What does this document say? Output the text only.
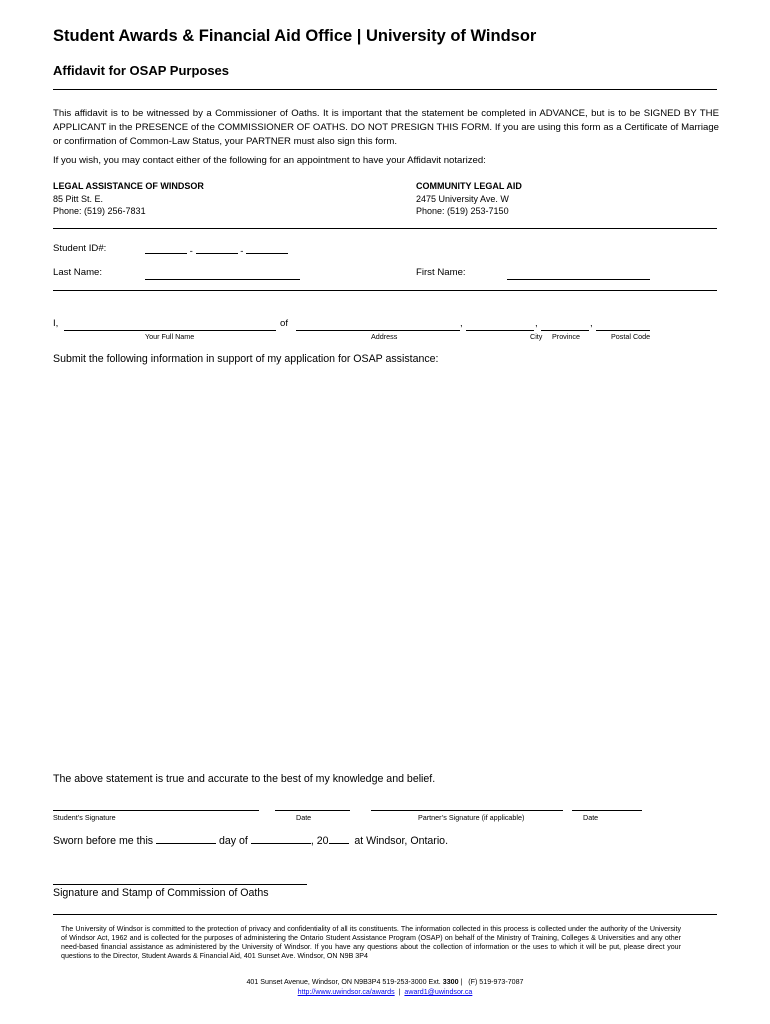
Student Awards & Financial Aid Office | University of Windsor
Affidavit for OSAP Purposes
This affidavit is to be witnessed by a Commissioner of Oaths. It is important that the statement be completed in ADVANCE, but is to be SIGNED BY THE APPLICANT in the PRESENCE of the COMMISSIONER OF OATHS. DO NOT PRESIGN THIS FORM. If you are using this form as a Certificate of Marriage or confirmation of Common-Law Status, your PARTNER must also sign this form.
If you wish, you may contact either of the following for an appointment to have your Affidavit notarized:
LEGAL ASSISTANCE OF WINDSOR
85 Pitt St. E.
Phone: (519) 256-7831
COMMUNITY LEGAL AID
2475 University Ave. W
Phone: (519) 253-7150
Student ID#:	-	-
Last Name:	First Name:
I,	of	,	,	,
Your Full Name	Address	City Province	Postal Code
Submit the following information in support of my application for OSAP assistance:
The above statement is true and accurate to the best of my knowledge and belief.
Student’s Signature	Date	Partner’s Signature (if applicable)	Date
Sworn before me this	day of	, 20 at Windsor, Ontario.
Signature and Stamp of Commission of Oaths
The University of Windsor is committed to the protection of privacy and confidentiality of all its constituents. The information collected in this process is collected under the authority of the University of Windsor Act, 1962 and is collected for the purposes of administering the Ontario Student Assistance Program (OSAP) on behalf of the Ministry of Training, Colleges & Universities and any other need-based financial assistance as administered by the University of Windsor. If you have any questions about the collection of information or the uses to which it will be put, please direct your questions to the Director, Student Awards & Financial Aid, 401 Sunset Ave. Windsor, ON N9B 3P4
401 Sunset Avenue, Windsor, ON N9B3P4 519-253-3000 Ext. 3300 | (F) 519-973-7087
http://www.uwindsor.ca/awards | award1@uwindsor.ca
